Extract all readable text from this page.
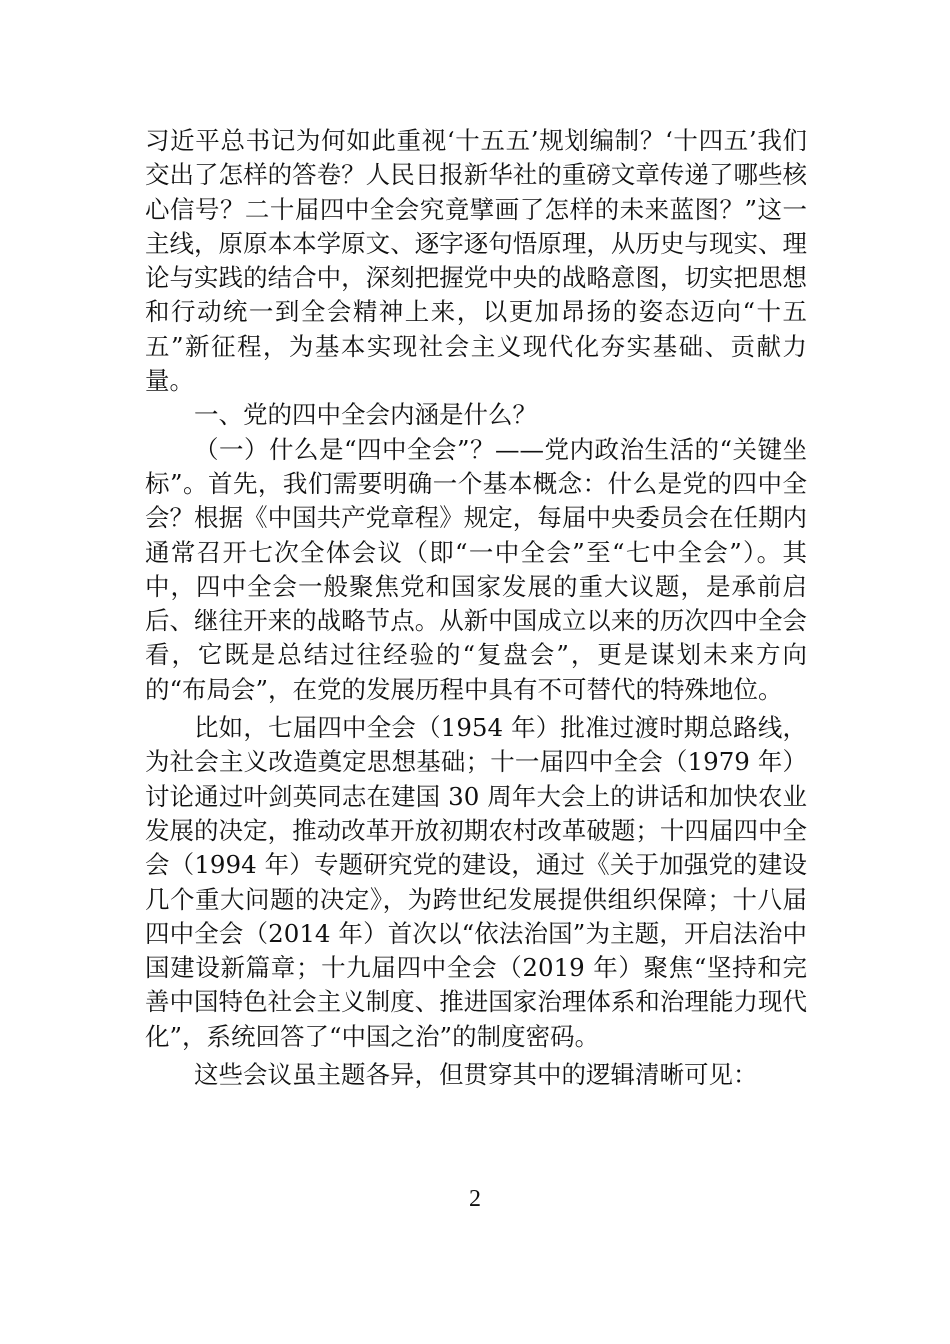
习近平总书记为何如此重视‘十五五’规划编制？‘十四五’我们交出了怎样的答卷？人民日报新华社的重磅文章传递了哪些核心信号？二十届四中全会究竟擘画了怎样的未来蓝图？”这一主线，原原本本学原文、逐字逐句悟原理，从历史与现实、理论与实践的结合中，深刻把握党中央的战略意图，切实把思想和行动统一到全会精神上来，以更加昂扬的姿态迈向“十五五”新征程，为基本实现社会主义现代化夯实基础、贡献力量。

一、党的四中全会内涵是什么？

（一）什么是“四中全会”？——党内政治生活的“关键坐标”。首先，我们需要明确一个基本概念：什么是党的四中全会？根据《中国共产党章程》规定，每届中央委员会在任期内通常召开七次全体会议（即“一中全会”至“七中全会”）。其中，四中全会一般聚焦党和国家发展的重大议题，是承前启后、继往开来的战略节点。从新中国成立以来的历次四中全会看，它既是总结过往经验的“复盘会”，更是谋划未来方向的“布局会”，在党的发展历程中具有不可替代的特殊地位。

比如，七届四中全会（1954 年）批准过渡时期总路线，为社会主义改造奠定思想基础；十一届四中全会（1979 年）讨论通过叶剑英同志在建国 30 周年大会上的讲话和加快农业发展的决定，推动改革开放初期农村改革破题；十四届四中全会（1994 年）专题研究党的建设，通过《关于加强党的建设几个重大问题的决定》，为跨世纪发展提供组织保障；十八届四中全会（2014 年）首次以“依法治国”为主题，开启法治中国建设新篇章；十九届四中全会（2019 年）聚焦“坚持和完善中国特色社会主义制度、推进国家治理体系和治理能力现代化”，系统回答了“中国之治”的制度密码。

这些会议虽主题各异，但贯穿其中的逻辑清晰可见：

2
